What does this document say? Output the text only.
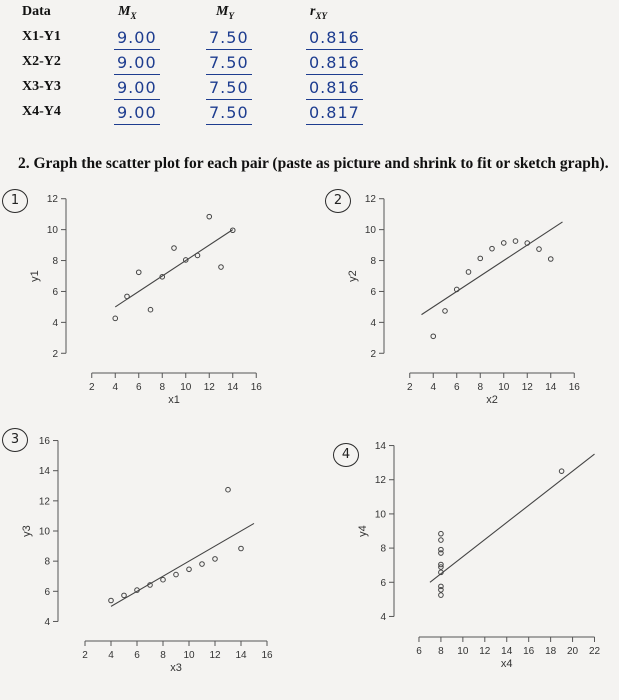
Data	$M_X$	$M_Y$	$r_{XY}$
X1-Y1	9.00	7.50	0.816
X2-Y2	9.00	7.50	0.816
X3-Y3	9.00	7.50	0.816
X4-Y4	9.00	7.50	0.817
2. Graph the scatter plot for each pair (paste as picture and shrink to fit or sketch graph).
1	2
3
4
2 4 6 8 10 12 14 16
2
4
6
8
10
12
x1
y1
2 4 6 8 10 12 14 16
2
4
6
8
10
12
x2
y2
2 4 6 8 10 12 14 16
4
6
8
10
12
14
16
x3
y3
6 8 10 12 14 16 18 20 22
4
6
8
10
12
14
x4
y4
